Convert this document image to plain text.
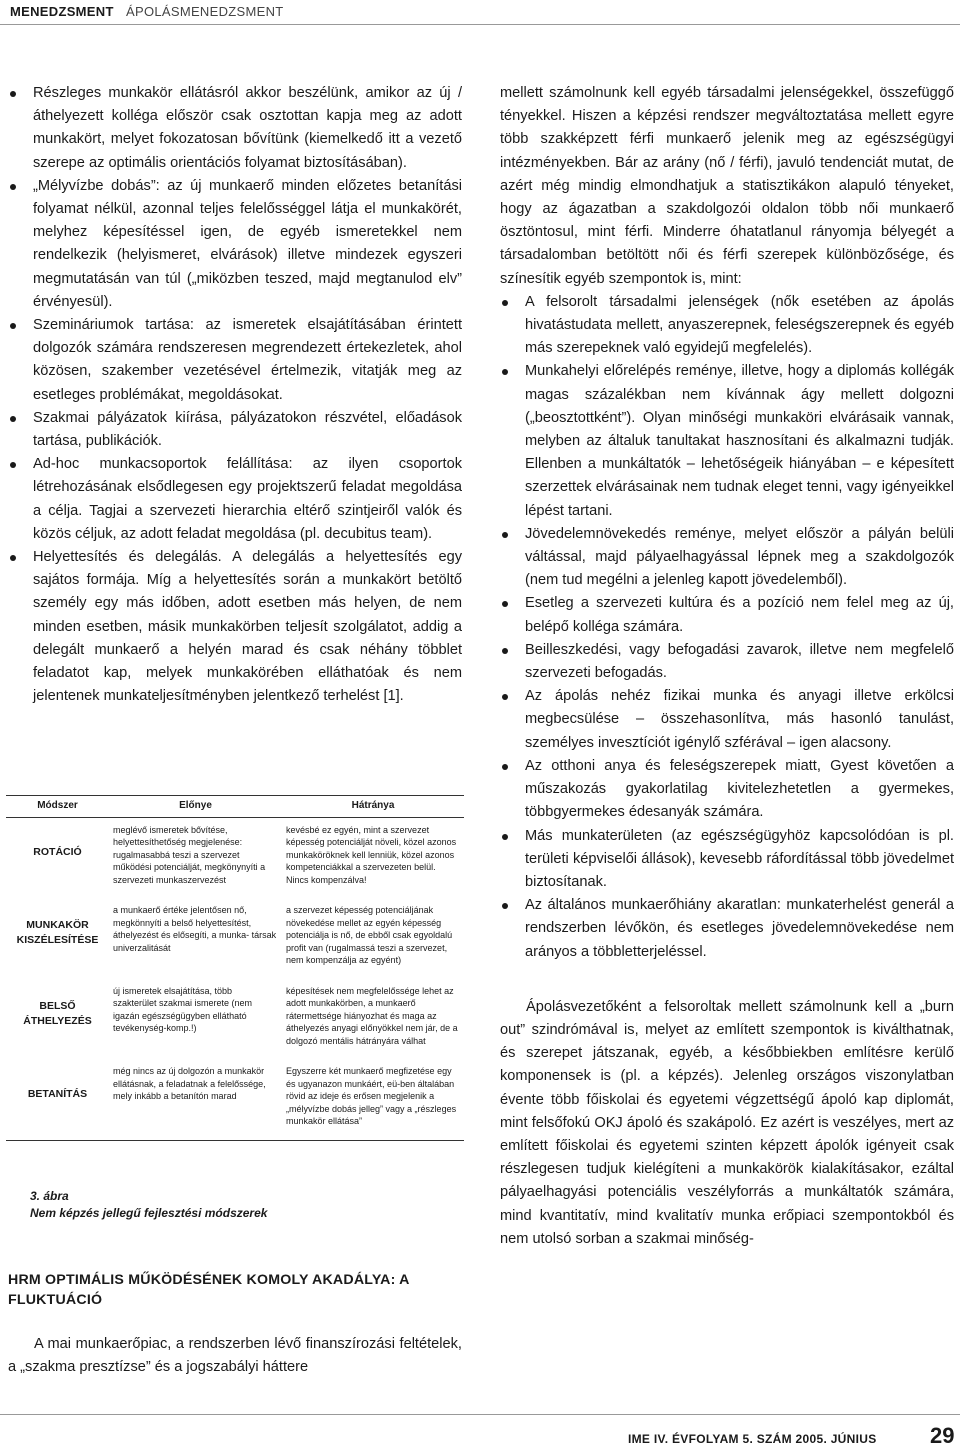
MENEDZSMENT ÁPOLÁSMENEDZSMENT
Részleges munkakör ellátásról akkor beszélünk, amikor az új / áthelyezett kolléga először csak osztottan kapja meg az adott munkakört, melyet fokozatosan bővítünk (kiemelkedő itt a vezető szerepe az optimális orientációs folyamat biztosításában).
„Mélyvízbe dobás”: az új munkaerő minden előzetes betanítási folyamat nélkül, azonnal teljes felelősséggel látja el munkakörét, melyhez képesítéssel igen, de egyéb ismeretekkel nem rendelkezik (helyismeret, elvárások) illetve mindezek egyszeri megmutatásán van túl („miközben teszed, majd megtanulod elv” érvényesül).
Szemináriumok tartása: az ismeretek elsajátításában érintett dolgozók számára rendszeresen megrendezett értekezletek, ahol közösen, szakember vezetésével értelmezik, vitatják meg az esetleges problémákat, megoldásokat.
Szakmai pályázatok kiírása, pályázatokon részvétel, előadások tartása, publikációk.
Ad-hoc munkacsoportok felállítása: az ilyen csoportok létrehozásának elsődlegesen egy projektszerű feladat megoldása a célja. Tagjai a szervezeti hierarchia eltérő szintjeiről valók és közös céljuk, az adott feladat megoldása (pl. decubitus team).
Helyettesítés és delegálás. A delegálás a helyettesítés egy sajátos formája. Míg a helyettesítés során a munkakört betöltő személy egy más időben, adott esetben más helyen, de nem minden esetben, másik munkakörben teljesít szolgálatot, addig a delegált munkaerő a helyén marad és csak néhány többlet feladatot kap, melyek munkakörében elláthatóak és nem jelentenek munkateljesítményben jelentkező terhelést [1].
Módszer	Előnye	Hátránya
ROTÁCIÓ	meglévő ismeretek bővítése, helyettesíthetőség megjelenése: rugalmasabbá teszi a szervezet működési potenciálját, megkönynyíti a szervezeti munkaszervezést	kevésbé ez egyén, mint a szervezet képesség potenciálját növeli, közel azonos munkaköröknek kell lenniük, közel azonos kompetenciákkal a szervezeten belül. Nincs kompenzálva!
MUNKAKÖR KISZÉLESÍTÉSE	a munkaerő értéke jelentősen nő, megkönnyíti a belső helyettesítést, áthelyezést és elősegíti, a munka- társak univerzalitását	a szervezet képesség potenciáljának növekedése mellet az egyén képesség potenciálja is nő, de ebből csak egyoldalú profit van (rugalmassá teszi a szervezet, nem kompenzálja az egyént)
BELSŐ ÁTHELYEZÉS	új ismeretek elsajátítása, több szakterület szakmai ismerete (nem igazán egészségügyben ellátható tevékenység-komp.!)	képesítések nem megfelelőssége lehet az adott munkakörben, a munkaerő rátermettsége hiányozhat és maga az áthelyezés anyagi előnyökkel nem jár, de a dolgozó mentális hátrányára válhat
BETANÍTÁS	még nincs az új dolgozón a munkakör ellátásnak, a feladatnak a felelőssége, mely inkább a betanítón marad	Egyszerre két munkaerő megfizetése egy és ugyanazon munkáért, eü-ben általában rövid az ideje és erősen megjelenik a „mélyvízbe dobás jelleg” vagy a „részleges munkakör ellátása”
3. ábra
Nem képzés jellegű fejlesztési módszerek
HRM OPTIMÁLIS MŰKÖDÉSÉNEK KOMOLY AKADÁLYA: A FLUKTUÁCIÓ
A mai munkaerőpiac, a rendszerben lévő finanszírozási feltételek, a „szakma presztízse” és a jogszabályi háttere

mellett számolnunk kell egyéb társadalmi jelenségekkel, összefüggő tényekkel. Hiszen a képzési rendszer megváltoztatása mellett egyre több szakképzett férfi munkaerő jelenik meg az egészségügyi intézményekben. Bár az arány (nő / férfi), javuló tendenciát mutat, de azért még mindig elmondhatjuk a statisztikákon alapuló tényeket, hogy az ágazatban a szakdolgozói oldalon több női munkaerő ösztöntosul, mint férfi. Minderre óhatatlanul rányomja bélyegét a társadalomban betöltött női és férfi szerepek különbözősége, és színesítik egyéb szempontok is, mint:

A felsorolt társadalmi jelenségek (nők esetében az ápolás hivatástudata mellett, anyaszerepnek, feleségszerepnek és egyéb más szerepeknek való egyidejű megfelelés).
Munkahelyi előrelépés reménye, illetve, hogy a diplomás kollégák magas százalékban nem kívánnak ágy mellett dolgozni („beosztottként”). Olyan minőségi munkaköri elvárásaik vannak, melyben az általuk tanultakat hasznosítani és alkalmazni tudják. Ellenben a munkáltatók – lehetőségeik hiányában – e képesített szerzettek elvárásainak nem tudnak eleget tenni, vagy igényeikkel lépést tartani.
Jövedelemnövekedés reménye, melyet először a pályán belüli váltással, majd pályaelhagyással lépnek meg a szakdolgozók (nem tud megélni a jelenleg kapott jövedelemből).
Esetleg a szervezeti kultúra és a pozíció nem felel meg az új, belépő kolléga számára.
Beilleszkedési, vagy befogadási zavarok, illetve nem megfelelő szervezeti befogadás.
Az ápolás nehéz fizikai munka és anyagi illetve erkölcsi megbecsülése – összehasonlítva, más hasonló tanulást, személyes invesztíciót igénylő szférával – igen alacsony.
Az otthoni anya és feleségszerepek miatt, Gyest követően a műszakozás gyakorlatilag kivitelezhetetlen a gyermekes, többgyermekes édesanyák számára.
Más munkaterületen (az egészségügyhöz kapcsolódóan is pl. területi képviselői állások), kevesebb ráfordítással több jövedelmet biztosítanak.
Az általános munkaerőhiány akaratlan: munkaterhelést generál a rendszerben lévőkön, és esetleges jövedelemnövekedése nem arányos a többletterjeléssel.

Ápolásvezetőként a felsoroltak mellett számolnunk kell a „burn out” szindrómával is, melyet az említett szempontok is kiválthatnak, és szerepet játszanak, egyéb, a későbbiekben említésre kerülő komponensek is (pl. a képzés). Jelenleg országos viszonylatban évente több főiskolai és egyetemi végzettségű ápoló kap diplomát, mint felsőfokú OKJ ápoló és szakápoló. Ez azért is veszélyes, mert az említett főiskolai és egyetemi szinten képzett ápolók igényeit csak részlegesen tudjuk kielégíteni a munkakörök kialakításakor, ezáltal pályaelhagyási potenciális veszélyforrás a munkáltatók számára, mind kvantitatív, mind kvalitatív munka erőpiaci szempontokból és nem utolsó sorban a szakmai minőség-

IME IV. ÉVFOLYAM 5. SZÁM 2005. JÚNIUS 29
